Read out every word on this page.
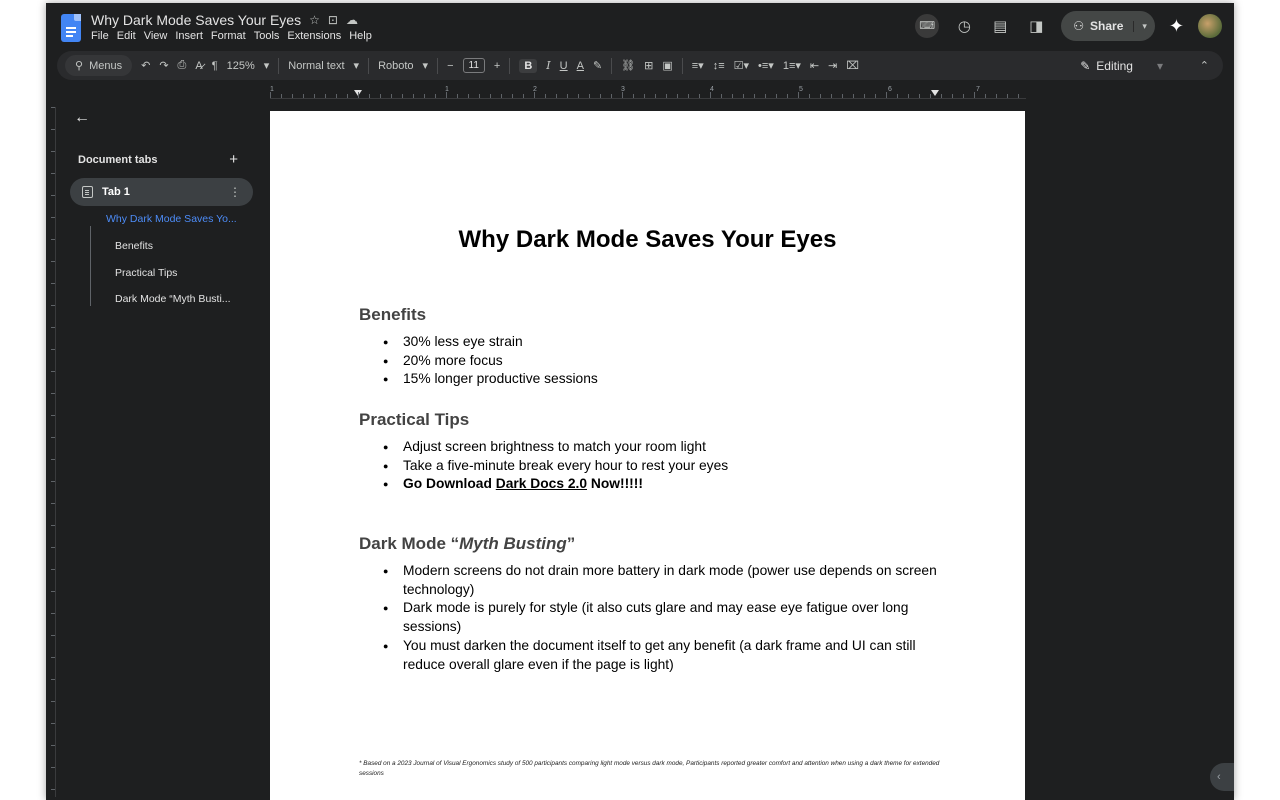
Why Dark Mode Saves Your Eyes ☆ ⊡ ☁
File Edit View Insert Format Tools Extensions Help
⌨ ◷ ▤ ◨	⚇ Share	▾	✦
⚲ Menus ↶ ↷ ⎙ A̷ ¶ 125% ▾ Normal text ▾ Roboto ▾ −	11	+	B	I U A ✎ ⛓ ⊞ ▣ ≡▾ ↕≡ ☑▾ •≡▾ 1≡▾ ⇤ ⇥ ⌧	✎ Editing ▾	⌃
1	1	2	3	4	5	6	7
←
Document tabs	+
Tab 1	⋮
Why Dark Mode Saves Yo...
Benefits
Practical Tips
Dark Mode “Myth Busti...
Why Dark Mode Saves Your Eyes
Benefits
● 30% less eye strain
● 20% more focus
● 15% longer productive sessions
Practical Tips
● Adjust screen brightness to match your room light
● Take a five-minute break every hour to rest your eyes
● Go Download Dark Docs 2.0 Now!!!!!
Dark Mode “Myth Busting”
● Modern screens do not drain more battery in dark mode (power use depends on screen technology)
● Dark mode is purely for style (it also cuts glare and may ease eye fatigue over long sessions)
● You must darken the document itself to get any benefit (a dark frame and UI can still reduce overall glare even if the page is light)
* Based on a 2023 Journal of Visual Ergonomics study of 500 participants comparing light mode versus dark mode, Participants reported greater comfort and attention when using a dark theme for extended sessions	‹
